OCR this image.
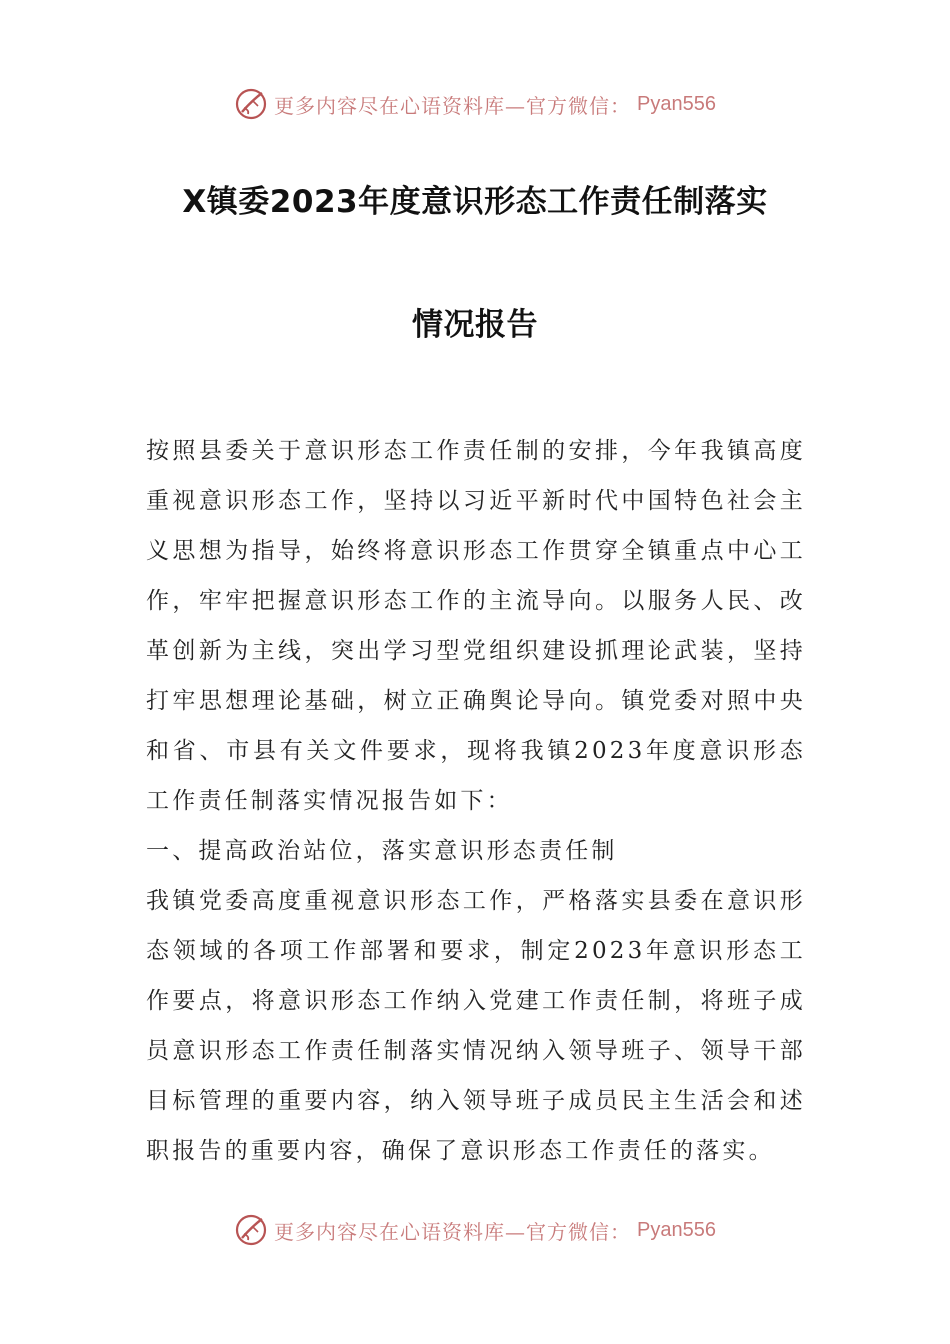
更多内容尽在心语资料库—官方微信： Pyan556
X镇委2023年度意识形态工作责任制落实
情况报告

按照县委关于意识形态工作责任制的安排，今年我镇高度重视意识形态工作，坚持以习近平新时代中国特色社会主义思想为指导，始终将意识形态工作贯穿全镇重点中心工作，牢牢把握意识形态工作的主流导向。以服务人民、改革创新为主线，突出学习型党组织建设抓理论武装，坚持打牢思想理论基础，树立正确舆论导向。镇党委对照中央和省、市县有关文件要求，现将我镇2023年度意识形态工作责任制落实情况报告如下：

一、提高政治站位，落实意识形态责任制

我镇党委高度重视意识形态工作，严格落实县委在意识形态领域的各项工作部署和要求，制定2023年意识形态工作要点，将意识形态工作纳入党建工作责任制，将班子成员意识形态工作责任制落实情况纳入领导班子、领导干部目标管理的重要内容，纳入领导班子成员民主生活会和述职报告的重要内容，确保了意识形态工作责任的落实。

更多内容尽在心语资料库—官方微信： Pyan556
